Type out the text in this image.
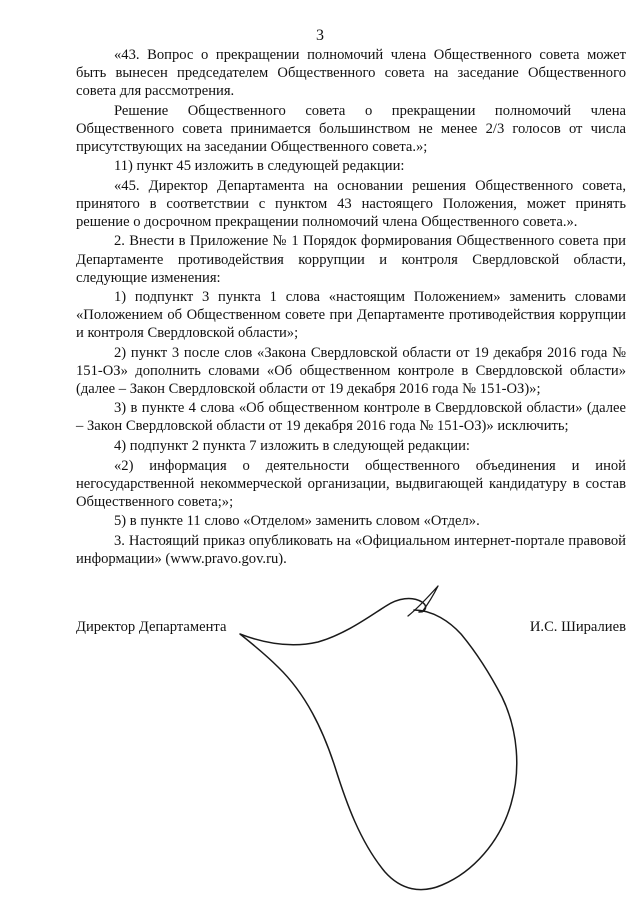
3

«43. Вопрос о прекращении полномочий члена Общественного совета может быть вынесен председателем Общественного совета на заседание Общественного совета для рассмотрения.

Решение Общественного совета о прекращении полномочий члена Общественного совета принимается большинством не менее 2/3 голосов от числа присутствующих на заседании Общественного совета.»;

11) пункт 45 изложить в следующей редакции:

«45. Директор Департамента на основании решения Общественного совета, принятого в соответствии с пунктом 43 настоящего Положения, может принять решение о досрочном прекращении полномочий члена Общественного совета.».

2. Внести в Приложение № 1 Порядок формирования Общественного совета при Департаменте противодействия коррупции и контроля Свердловской области, следующие изменения:

1) подпункт 3 пункта 1 слова «настоящим Положением» заменить словами «Положением об Общественном совете при Департаменте противодействия коррупции и контроля Свердловской области»;

2) пункт 3 после слов «Закона Свердловской области от 19 декабря 2016 года № 151-ОЗ» дополнить словами «Об общественном контроле в Свердловской области» (далее – Закон Свердловской области от 19 декабря 2016 года № 151-ОЗ)»;

3) в пункте 4 слова «Об общественном контроле в Свердловской области» (далее – Закон Свердловской области от 19 декабря 2016 года № 151-ОЗ)» исключить;

4) подпункт 2 пункта 7 изложить в следующей редакции:

«2) информация о деятельности общественного объединения и иной негосударственной некоммерческой организации, выдвигающей кандидатуру в состав Общественного совета;»;

5) в пункте 11 слово «Отделом» заменить словом «Отдел».

3. Настоящий приказ опубликовать на «Официальном интернет-портале правовой информации» (www.pravo.gov.ru).

Директор Департамента	И.С. Ширалиев
